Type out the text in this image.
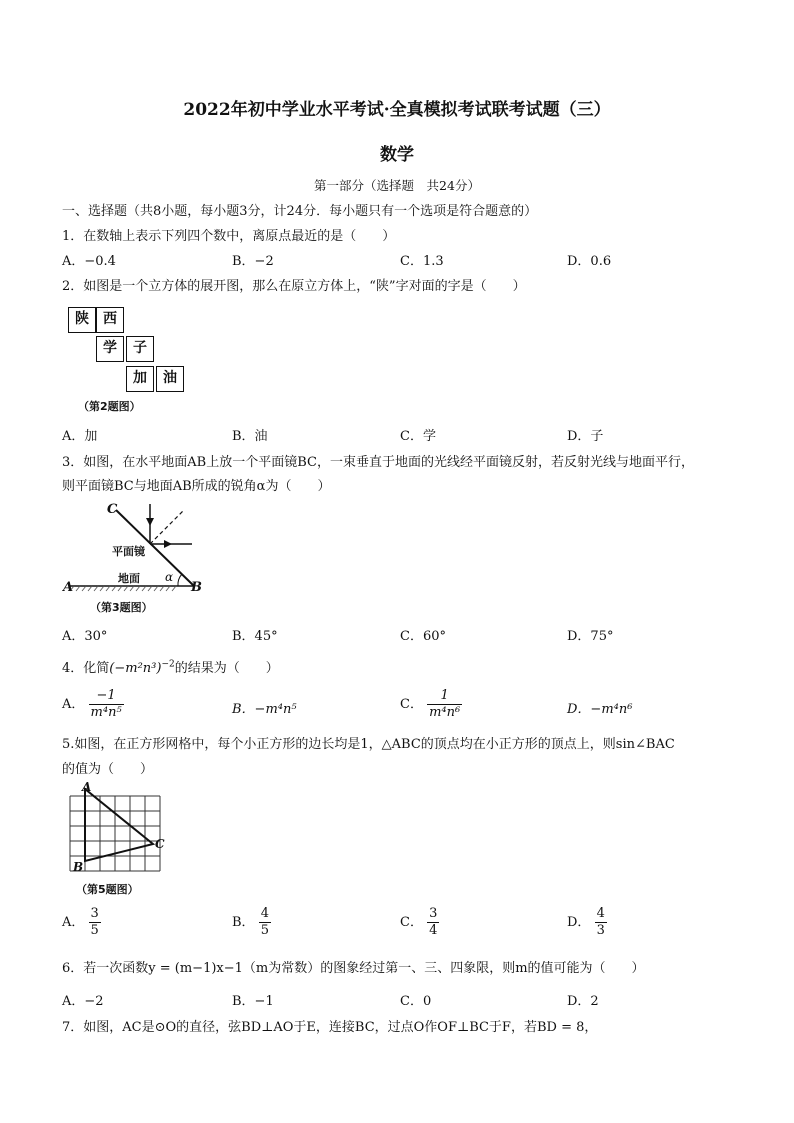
2022年初中学业水平考试·全真模拟考试联考试题（三）
数学
第一部分（选择题　共24分）
一、选择题（共8小题，每小题3分，计24分．每小题只有一个选项是符合题意的）
1．在数轴上表示下列四个数中，离原点最近的是（　　）
A．−0.4	B．−2	C．1.3	D．0.6
2．如图是一个立方体的展开图，那么在原立方体上，“陕”字对面的字是（　　）
陕	西
学	子
加	油
（第2题图）
A．加	B．油	C．学	D．子
3．如图，在水平地面AB上放一个平面镜BC，一束垂直于地面的光线经平面镜反射，若反射光线与地面平行，
则平面镜BC与地面AB所成的锐角α为（　　）
C
平面镜
地面 α
A	B
（第3题图）
A．30°	B．45°	C．60°	D．75°
4．化简$(-m^2n^3)^{-2}$的结果为（　　）
A． $\frac{-1}{\text{m⁴n⁵}}$	B．−m⁴n⁵	C． $\frac{1}{\text{m⁴n⁶}}$	D．−m⁴n⁶
5.如图，在正方形网格中，每个小正方形的边长均是1，△ABC的顶点均在小正方形的顶点上，则sin∠BAC
的值为（　　）
A
B
C
（第5题图）
A． $\frac{3}{5}$	B． $\frac{4}{5}$	C． $\frac{3}{4}$	D． $\frac{4}{3}$
6．若一次函数y = (m−1)x−1（m为常数）的图象经过第一、三、四象限，则m的值可能为（　　）
A．−2	B．−1	C．0	D．2
7．如图，AC是⊙O的直径，弦BD⊥AO于E，连接BC，过点O作OF⊥BC于F，若BD = 8，
